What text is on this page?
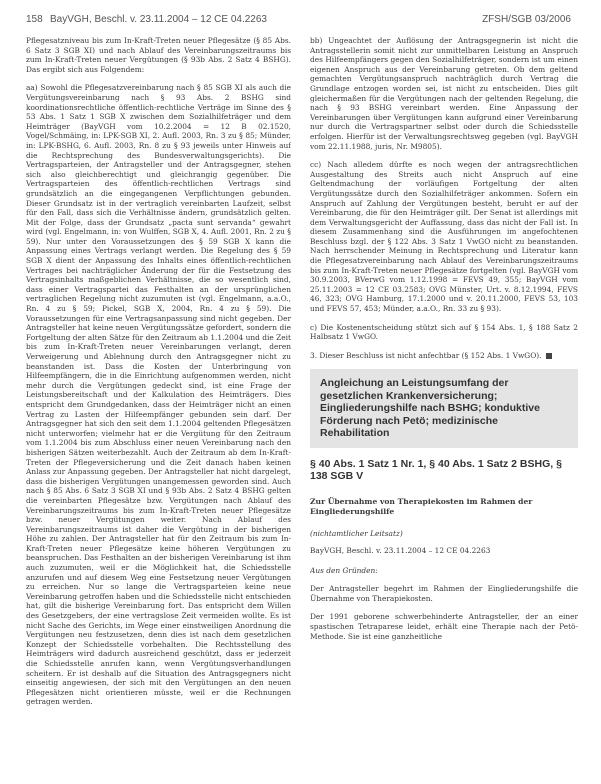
158 BayVGH, Beschl. v. 23.11.2004 – 12 CE 04.2263	ZFSH/SGB 03/2006

Pflegesatzniveau bis zum In-Kraft-Treten neuer Pflegesätze (§ 85 Abs. 6 Satz 3 SGB XI) und nach Ablauf des Vereinbarungszeitraums bis zum In-Kraft-Treten neuer Vergütungen (§ 93b Abs. 2 Satz 4 BSHG). Das ergibt sich aus Folgendem:

aa) Sowohl die Pflegesatzvereinbarung nach § 85 SGB XI als auch die Vergütungsvereinbarung nach § 93 Abs. 2 BSHG sind koordinationsrechtliche öffentlich-rechtliche Verträge im Sinne des § 53 Abs. 1 Satz 1 SGB X zwischen dem Sozialhilfeträger und dem Heimträger (BayVGH vom 10.2.2004 = 12 B 02.1520, Vogel/Schmäing, in: LPK-SGB XI, 2. Aufl. 2003, Rn. 3 zu § 85; Münder, in: LPK-BSHG, 6. Aufl. 2003, Rn. 8 zu § 93 jeweils unter Hinweis auf die Rechtsprechung des Bundesverwaltungsgerichts). Die Vertragsparteien, der Antragsteller und der Antragsgegner, stehen sich also gleichberechtigt und gleichrangig gegenüber. Die Vertragsparteien des öffentlich-rechtlichen Vertrags sind grundsätzlich an die eingegangenen Verpflichtungen gebunden. Dieser Grundsatz ist in der vertraglich vereinbarten Laufzeit, selbst für den Fall, dass sich die Verhältnisse ändern, grundsätzlich gelten. Mit der Folge, dass der Grundsatz „pacta sunt servanda“ gewahrt wird (vgl. Engelmann, in: von Wulffen, SGB X, 4. Aufl. 2001, Rn. 2 zu § 59). Nur unter den Voraussetzungen des § 59 SGB X kann die Anpassung eines Vertrags verlangt werden. Die Regelung des § 59 SGB X dient der Anpassung des Inhalts eines öffentlich-rechtlichen Vertrages bei nachträglicher Änderung der für die Festsetzung des Vertragsinhalts maßgeblichen Verhältnisse, die so wesentlich sind, dass einer Vertragspartei das Festhalten an der ursprünglichen vertraglichen Regelung nicht zuzumuten ist (vgl. Engelmann, a.a.O., Rn. 4 zu § 59; Pickel, SGB X, 2004, Rn. 4 zu § 59). Die Voraussetzungen für eine Vertragsanpassung sind nicht gegeben. Der Antragsteller hat keine neuen Vergütungssätze gefordert, sondern die Fortgeltung der alten Sätze für den Zeitraum ab 1.1.2004 und die Zeit bis zum In-Kraft-Treten neuer Vereinbarungen verlangt, deren Verweigerung und Ablehnung durch den Antragsgegner nicht zu beanstanden ist. Dass die Kosten der Unterbringung von Hilfeempfängern, die in die Einrichtung aufgenommen werden, nicht mehr durch die Vergütungen gedeckt sind, ist eine Frage der Leistungsbereitschaft und der Kalkulation des Heimträgers. Dies entspricht dem Grundgedanken, dass der Heimträger nicht an einen Vertrag zu Lasten der Hilfeempfänger gebunden sein darf. Der Antragsgegner hat sich den seit dem 1.1.2004 geltenden Pflegesätzen nicht unterworfen; vielmehr hat er die Vergütung für den Zeitraum vom 1.1.2004 bis zum Abschluss einer neuen Vereinbarung nach den bisherigen Sätzen weiterbezahlt. Auch der Zeitraum ab dem In-Kraft-Treten der Pflegeversicherung und die Zeit danach haben keinen Anlass zur Anpassung gegeben. Der Antragsteller hat nicht dargelegt, dass die bisherigen Vergütungen unangemessen geworden sind. Auch nach § 85 Abs. 6 Satz 3 SGB XI und § 93b Abs. 2 Satz 4 BSHG gelten die vereinbarten Pflegesätze bzw. Vergütungen nach Ablauf des Vereinbarungszeitraums bis zum In-Kraft-Treten neuer Pflegesätze bzw. neuer Vergütungen weiter. Nach Ablauf des Vereinbarungszeitraums ist daher die Vergütung in der bisherigen Höhe zu zahlen. Der Antragsteller hat für den Zeitraum bis zum In-Kraft-Treten neuer Pflegesätze keine höheren Vergütungen zu beanspruchen. Das Festhalten an der bisherigen Vereinbarung ist ihm auch zuzumuten, weil er die Möglichkeit hat, die Schiedsstelle anzurufen und auf diesem Weg eine Festsetzung neuer Vergütungen zu erreichen. Nur so lange die Vertragsparteien keine neue Vereinbarung getroffen haben und die Schiedsstelle nicht entschieden hat, gilt die bisherige Vereinbarung fort. Das entspricht dem Willen des Gesetzgebers, der eine vertragslose Zeit vermeiden wollte. Es ist nicht Sache des Gerichts, im Wege einer einstweiligen Anordnung die Vergütungen neu festzusetzen, denn dies ist nach dem gesetzlichen Konzept der Schiedsstelle vorbehalten. Die Rechtsstellung des Heimträgers wird dadurch ausreichend geschützt, dass er jederzeit die Schiedsstelle anrufen kann, wenn Vergütungsverhandlungen scheitern. Er ist deshalb auf die Situation des Antragsgegners nicht einseitig angewiesen, der sich mit den Vergütungen an den neuen Pflegesätzen nicht orientieren müsste, weil er die Rechnungen getragen werden.

bb) Ungeachtet der Auflösung der Antragsgegnerin ist nicht die Antragsstellerin somit nicht zur unmittelbaren Leistung an Anspruch des Hilfeempfängers gegen den Sozialhilfeträger, sondern ist um einen eigenen Anspruch aus der Vereinbarung getreten. Ob dem geltend gemachten Vergütungsanspruch nachträglich durch Vertrag die Grundlage entzogen worden sei, ist nicht zu entscheiden. Dies gilt gleichermaßen für die Vergütungen nach der geltenden Regelung, die nach § 93 BSHG vereinbart werden. Eine Anpassung der Vereinbarungen über Vergütungen kann aufgrund einer Vereinbarung nur durch die Vertragspartner selbst oder durch die Schiedsstelle erfolgen. Hierfür ist der Verwaltungsrechtsweg gegeben (vgl. BayVGH vom 22.11.1988, juris, Nr. M9805).

cc) Nach alledem dürfte es noch wegen der antragsrechtlichen Ausgestaltung des Streits auch nicht Anspruch auf eine Geltendmachung der vorläufigen Fortgeltung der alten Vergütungssätze durch den Sozialhilfeträger ankommen. Sofern ein Anspruch auf Zahlung der Vergütungen besteht, beruht er auf der Vereinbarung, die für den Heimträger gilt. Der Senat ist allerdings mit dem Verwaltungsgericht der Auffassung, dass das nicht der Fall ist. In diesem Zusammenhang sind die Ausführungen im angefochtenen Beschluss bzgl. der § 122 Abs. 3 Satz 1 VwGO nicht zu beanstanden. Nach herrschender Meinung in Rechtsprechung und Literatur kann die Pflegesatzvereinbarung nach Ablauf des Vereinbarungszeitraums bis zum In-Kraft-Treten neuer Pflegesätze fortgelten (vgl. BayVGH vom 30.9.2003, BVerwG vom 1.12.1998 = FEVS 49, 355; BayVGH vom 25.11.2003 = 12 CE 03.2583; OVG Münster, Urt. v. 8.12.1994, FEVS 46, 323; OVG Hamburg, 17.1.2000 und v. 20.11.2000, FEVS 53, 103 und FEVS 57, 453; Münder, a.a.O., Rn. 33 zu § 93).

c) Die Kostenentscheidung stützt sich auf § 154 Abs. 1, § 188 Satz 2 Halbsatz 1 VwGO.

3. Dieser Beschluss ist nicht anfechtbar (§ 152 Abs. 1 VwGO).

Angleichung an Leistungsumfang der gesetzlichen Krankenversicherung; Eingliederungshilfe nach BSHG; konduktive Förderung nach Petö; medizinische Rehabilitation
§ 40 Abs. 1 Satz 1 Nr. 1, § 40 Abs. 1 Satz 2 BSHG, § 138 SGB V
Zur Übernahme von Therapiekosten im Rahmen der Eingliederungshilfe

(nichtamtlicher Leitsatz)

BayVGH, Beschl. v. 23.11.2004 – 12 CE 04.2263

Aus den Gründen:

Der Antragsteller begehrt im Rahmen der Eingliederungshilfe die Übernahme von Therapiekosten.

Der 1991 geborene schwerbehinderte Antragsteller, der an einer spastischen Tetraparese leidet, erhält eine Therapie nach der Petö-Methode. Sie ist eine ganzheitliche
